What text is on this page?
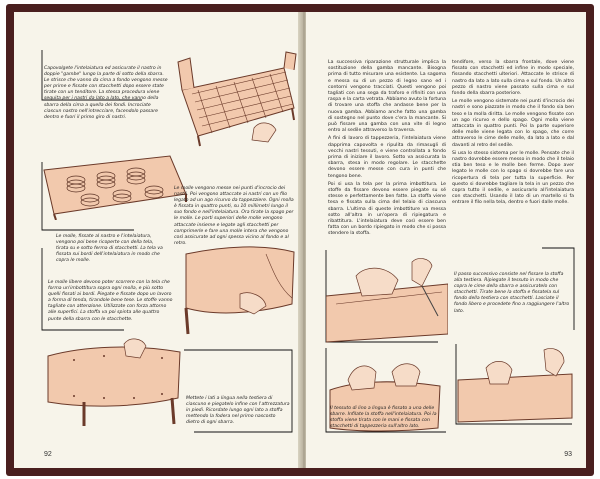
Capovolgete l'intelaiatura ed assicurate il nastro in doppie "gambe" lungo la parte di sotto della sbarra. Le strisce che vanno da cima a fondo vengono messe per prime e fissate con stacchetti dopo essere state tirate con un tenditore. La stessa procedura viene seguita per i nastri da lato a lato, che vanno della sbarra della cima a quella dei fondi. Incrociate ciascun nastro nell'intrecciare, facendolo passare dentro e fuori il primo giro di nastri.

Le molle vengono messe nei punti d'incrocio dei nastri. Poi vengono attaccate ai nastri con un filo legato ad un ago ricurvo da tappezziere. Ogni molla è fissata in quattro punti, su 10 millimetri lungo il suo fondo e nell'intelaiatura. Ora tirate la spago per le molle. Le parti superiori delle molle vengono attaccate insieme e legate agli stacchetti per comprimerle e fare una molle intera che vengono così assicurate ad ogni spessa vicino al fondo e al retro.

Le molle, fissate al nastro e l'intelaiatura, vengono poi bene ricoperte con della tela, tirata su e sotto ferma di stacchetti. La tela va fissata sui bordi dell'intelaiatura in modo che copra le molle.

Le molle libere devono poter scorrere con la tela che forma un'imbottitura sopra ogni molla, e più sotto quelli fissati ai bordi. Piegate e fissate dopo un lavoro a forma di tenda, tirandole bene tese. Le stoffe vanno tagliate con attenzione. Utilizzate con forza attorno alle superfici. La stoffa va poi spinta alle quattro punte della sbarra con le stacchette.

Mettete i lati a lingua nella testiera di ciascuno e piegatelo infine con l'attrezzatura in piedi. Ricordate lungo ogni lato a stoffa mettendo la fodera nel primo nascosto dietro di ogni sbarra.

92

La successiva riparazione strutturale implica la sostituzione della gamba mancante. Bisogna prima di tutto misurare una esistente. La sagoma e messa su di un pezzo di legno sano ed i contorni vengono tracciati. Questi vengono poi tagliati con una sega da traforo e rifiniti con una raspa e la carta vetrata. Abbiamo avuto la fortuna di trovare una stoffa che andasse bene per la nuova gamba. Abbiamo anche fatto una gamba di sostegno nel punto dove c'era la mancante. Si può fissare una gamba con una vite di legno entro al sedile attraverso la traversa.

A fini di lavoro di tappezzeria, l'intelaiatura viene dapprima capovolta e ripulita da rimasugli di vecchi nastri tessuti, e viene controllata a fondo prima di iniziare il lavoro. Sotto va assicurata la sbarra, stesa in modo regolare. Le stacchette devono essere messe con cura in punti che tengono bene.

Poi si usa la tela per la prima imbottitura. Le stoffe da fissare devono essere piegate su sé stesse e perfettamente ben fatte. La stoffa viene tesa e fissata sulla cima del telaio di ciascuna sbarra. L'ultima di queste imbottiture va messa sotto all'altra in un'opera di ripiegatura e ribattitura. L'intelaiatura deve così essere ben fatta con un bordo ripiegato in modo che si possa stendere la stoffa.

tendifore, verso la sbarra frontale, dove viene fissato con stacchetti ed infine in modo speciale, fissando stacchetti ulteriori. Attaccate le strisce di nastro da lato a lato sulla cima e sul fondo. Un altro pezzo di nastro viene passato sulla cima e sul fondo della sbarra posteriore.

Le molle vengono sistemate nei punti d'incrocio dei nastri e sono piazzate in modo che il fondo sia ben teso e la molla diritta. Le molle vengono fissate con un ago ricurvo e dello spago. Ogni molla viene attaccata in quattro punti. Poi la parte superiore delle molle viene legata con lo spago, che corre attraverso le cime delle molle, da lato a lato e dal davanti al retro del sedile.

Si usa lo stesso sistema per le molle. Pensate che il nastro dovrebbe essere messo in modo che il telaio stia ben teso e le molle ben ferme. Dopo aver legato le molle con lo spago si dovrebbe fare una ricopertura di tela per tutta la superficie. Per questo si dovrebbe tagliare la tela in un pezzo che copra tutto il sedile, e assicurarlo all'intelaiatura con stacchetti. Usando il lato di un martello si fa entrare il filo nella tela, dentro e fuori dalle molle.

Il passo successivo consiste nel fissare la stoffa alla testiera. Ripiegate il tessuto in modo che copra le cime della sbarra e assicuratelo con stacchetti. Tirate bene la stoffa e fissatela sul fondo della testiera con stacchetti. Lasciate il fondo libero e procedete fino a raggiungere l'altro lato.

Il tessuto di lino a lingua è fissato a una delle sbarre. Infilate la stoffa nell'intelaiatura. Poi la stoffa viene tirata con le mani e fissata con stacchetti di tappezzeria sull'altro lato.

93
